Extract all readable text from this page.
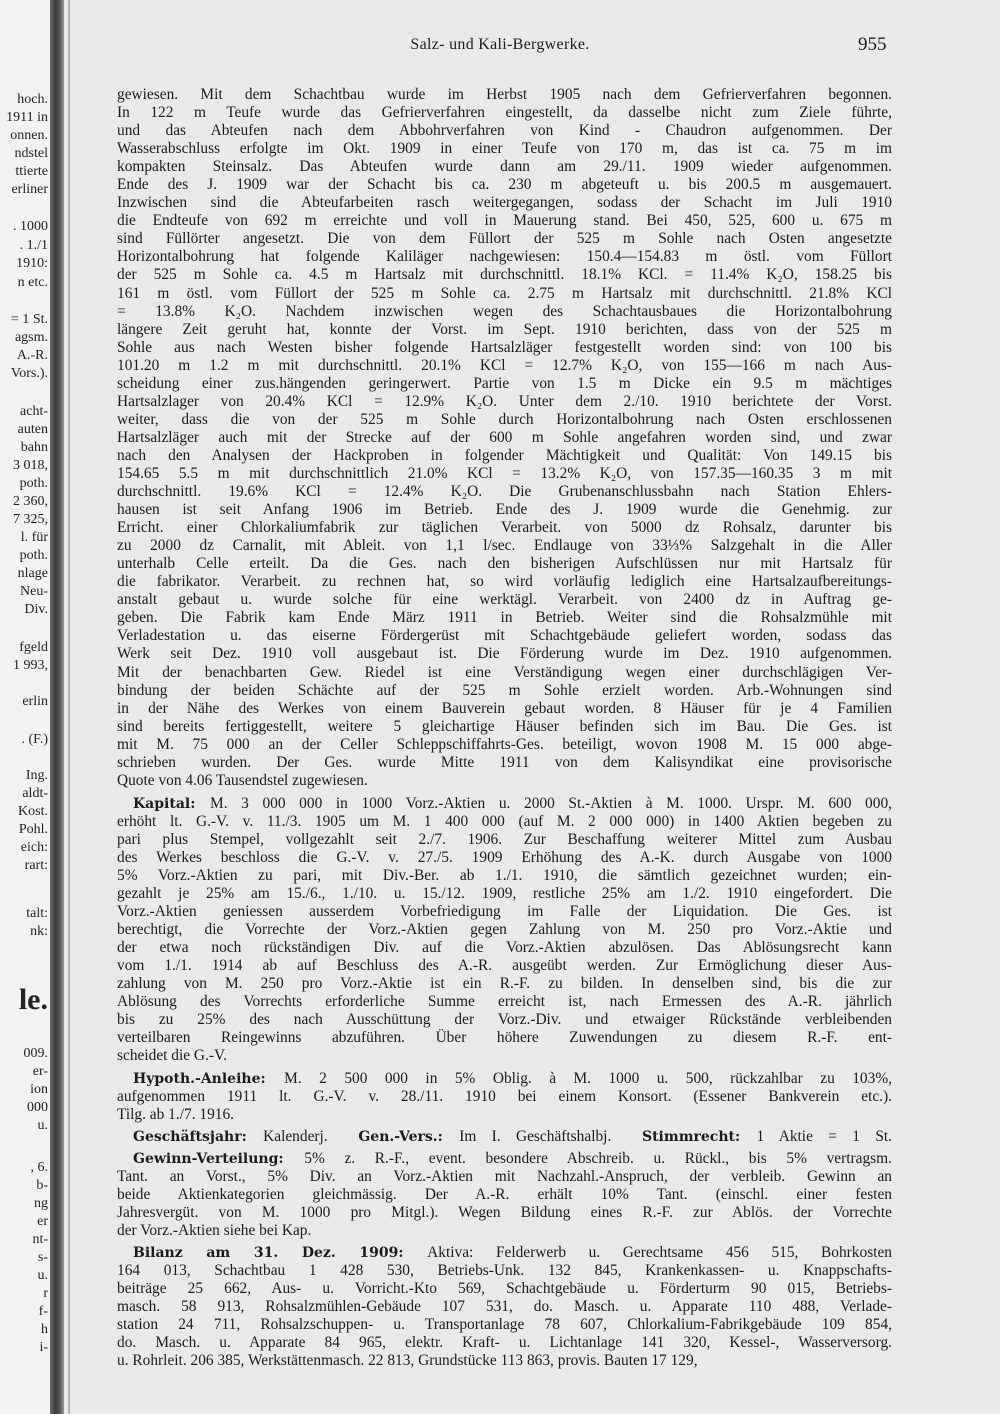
Salz- und Kali-Bergwerke.	955
gewiesen. Mit dem Schachtbau wurde im Herbst 1905 nach dem Gefrierverfahren begonnen.
In 122 m Teufe wurde das Gefrierverfahren eingestellt, da dasselbe nicht zum Ziele führte,
und das Abteufen nach dem Abbohrverfahren von Kind - Chaudron aufgenommen. Der
Wasserabschluss erfolgte im Okt. 1909 in einer Teufe von 170 m, das ist ca. 75 m im
kompakten Steinsalz. Das Abteufen wurde dann am 29./11. 1909 wieder aufgenommen.
Ende des J. 1909 war der Schacht bis ca. 230 m abgeteuft u. bis 200.5 m ausgemauert.
Inzwischen sind die Abteufarbeiten rasch weitergegangen, sodass der Schacht im Juli 1910
die Endteufe von 692 m erreichte und voll in Mauerung stand. Bei 450, 525, 600 u. 675 m
sind Füllörter angesetzt. Die von dem Füllort der 525 m Sohle nach Osten angesetzte
Horizontalbohrung hat folgende Kaliläger nachgewiesen: 150.4—154.83 m östl. vom Füllort
der 525 m Sohle ca. 4.5 m Hartsalz mit durchschnittl. 18.1% KCl. = 11.4% K₂O, 158.25 bis
161 m östl. vom Füllort der 525 m Sohle ca. 2.75 m Hartsalz mit durchschnittl. 21.8% KCl
= 13.8% K₂O. Nachdem inzwischen wegen des Schachtausbaues die Horizontalbohrung
längere Zeit geruht hat, konnte der Vorst. im Sept. 1910 berichten, dass von der 525 m
Sohle aus nach Westen bisher folgende Hartsalzläger festgestellt worden sind: von 100 bis
101.20 m 1.2 m mit durchschnittl. 20.1% KCl = 12.7% K₂O, von 155—166 m nach Aus-
scheidung einer zus.hängenden geringerwert. Partie von 1.5 m Dicke ein 9.5 m mächtiges
Hartsalzlager von 20.4% KCl = 12.9% K₂O. Unter dem 2./10. 1910 berichtete der Vorst.
weiter, dass die von der 525 m Sohle durch Horizontalbohrung nach Osten erschlossenen
Hartsalzläger auch mit der Strecke auf der 600 m Sohle angefahren worden sind, und zwar
nach den Analysen der Hackproben in folgender Mächtigkeit und Qualität: Von 149.15 bis
154.65 5.5 m mit durchschnittlich 21.0% KCl = 13.2% K₂O, von 157.35—160.35 3 m mit
durchschnittl. 19.6% KCl = 12.4% K₂O. Die Grubenanschlussbahn nach Station Ehlers-
hausen ist seit Anfang 1906 im Betrieb. Ende des J. 1909 wurde die Genehmig. zur
Erricht. einer Chlorkaliumfabrik zur täglichen Verarbeit. von 5000 dz Rohsalz, darunter bis
zu 2000 dz Carnalit, mit Ableit. von 1,1 l/sec. Endlauge von 33⅓% Salzgehalt in die Aller
unterhalb Celle erteilt. Da die Ges. nach den bisherigen Aufschlüssen nur mit Hartsalz für
die fabrikator. Verarbeit. zu rechnen hat, so wird vorläufig lediglich eine Hartsalzaufbereitungs-
anstalt gebaut u. wurde solche für eine werktägl. Verarbeit. von 2400 dz in Auftrag ge-
geben. Die Fabrik kam Ende März 1911 in Betrieb. Weiter sind die Rohsalzmühle mit
Verladestation u. das eiserne Fördergerüst mit Schachtgebäude geliefert worden, sodass das
Werk seit Dez. 1910 voll ausgebaut ist. Die Förderung wurde im Dez. 1910 aufgenommen.
Mit der benachbarten Gew. Riedel ist eine Verständigung wegen einer durchschlägigen Ver-
bindung der beiden Schächte auf der 525 m Sohle erzielt worden. Arb.-Wohnungen sind
in der Nähe des Werkes von einem Bauverein gebaut worden. 8 Häuser für je 4 Familien
sind bereits fertiggestellt, weitere 5 gleichartige Häuser befinden sich im Bau. Die Ges. ist
mit M. 75 000 an der Celler Schleppschiffahrts-Ges. beteiligt, wovon 1908 M. 15 000 abge-
schrieben wurden. Der Ges. wurde Mitte 1911 von dem Kalisyndikat eine provisorische
Quote von 4.06 Tausendstel zugewiesen.
Kapital: M. 3 000 000 in 1000 Vorz.-Aktien u. 2000 St.-Aktien à M. 1000. Urspr. M. 600 000,
erhöht lt. G.-V. v. 11./3. 1905 um M. 1 400 000 (auf M. 2 000 000) in 1400 Aktien begeben zu
pari plus Stempel, vollgezahlt seit 2./7. 1906. Zur Beschaffung weiterer Mittel zum Ausbau
des Werkes beschloss die G.-V. v. 27./5. 1909 Erhöhung des A.-K. durch Ausgabe von 1000
5% Vorz.-Aktien zu pari, mit Div.-Ber. ab 1./1. 1910, die sämtlich gezeichnet wurden; ein-
gezahlt je 25% am 15./6., 1./10. u. 15./12. 1909, restliche 25% am 1./2. 1910 eingefordert. Die
Vorz.-Aktien geniessen ausserdem Vorbefriedigung im Falle der Liquidation. Die Ges. ist
berechtigt, die Vorrechte der Vorz.-Aktien gegen Zahlung von M. 250 pro Vorz.-Aktie und
der etwa noch rückständigen Div. auf die Vorz.-Aktien abzulösen. Das Ablösungsrecht kann
vom 1./1. 1914 ab auf Beschluss des A.-R. ausgeübt werden. Zur Ermöglichung dieser Aus-
zahlung von M. 250 pro Vorz.-Aktie ist ein R.-F. zu bilden. In denselben sind, bis die zur
Ablösung des Vorrechts erforderliche Summe erreicht ist, nach Ermessen des A.-R. jährlich
bis zu 25% des nach Ausschüttung der Vorz.-Div. und etwaiger Rückstände verbleibenden
verteilbaren Reingewinns abzuführen. Über höhere Zuwendungen zu diesem R.-F. ent-
scheidet die G.-V.
Hypoth.-Anleihe: M. 2 500 000 in 5% Oblig. à M. 1000 u. 500, rückzahlbar zu 103%,
aufgenommen 1911 lt. G.-V. v. 28./11. 1910 bei einem Konsort. (Essener Bankverein etc.).
Tilg. ab 1./7. 1916.
Geschäftsjahr: Kalenderj.  Gen.-Vers.: Im I. Geschäftshalbj.  Stimmrecht: 1 Aktie = 1 St.
Gewinn-Verteilung: 5% z. R.-F., event. besondere Abschreib. u. Rückl., bis 5% vertragsm.
Tant. an Vorst., 5% Div. an Vorz.-Aktien mit Nachzahl.-Anspruch, der verbleib. Gewinn an
beide Aktienkategorien gleichmässig. Der A.-R. erhält 10% Tant. (einschl. einer festen
Jahresvergüt. von M. 1000 pro Mitgl.). Wegen Bildung eines R.-F. zur Ablös. der Vorrechte
der Vorz.-Aktien siehe bei Kap.
Bilanz am 31. Dez. 1909: Aktiva: Felderwerb u. Gerechtsame 456 515, Bohrkosten
164 013, Schachtbau 1 428 530, Betriebs-Unk. 132 845, Krankenkassen- u. Knappschafts-
beiträge 25 662, Aus- u. Vorricht.-Kto 569, Schachtgebäude u. Förderturm 90 015, Betriebs-
masch. 58 913, Rohsalzmühlen-Gebäude 107 531, do. Masch. u. Apparate 110 488, Verlade-
station 24 711, Rohsalzschuppen- u. Transportanlage 78 607, Chlorkalium-Fabrikgebäude 109 854,
do. Masch. u. Apparate 84 965, elektr. Kraft- u. Lichtanlage 141 320, Kessel-, Wasserversorg.
u. Rohrleit. 206 385, Werkstättenmasch. 22 813, Grundstücke 113 863, provis. Bauten 17 129,
hoch.
1911 in
onnen.
ndstel
ttierte
erliner
. 1000
. 1./1
1910:
n etc.
= 1 St.
agsm.
A.-R.
Vors.).
acht-
auten
bahn
3 018,
poth.
2 360,
7 325,
l. für
poth.
nlage
Neu-
Div.
fgeld
1 993,
erlin
. (F.)
Ing.
aldt-
Kost.
Pohl.
eich:
rart:
talt:
nk:
le.
009.
er-
ion
000
u.
, 6.
b-
ng
er
nt-
s-
u.
r
f-
h
i-
